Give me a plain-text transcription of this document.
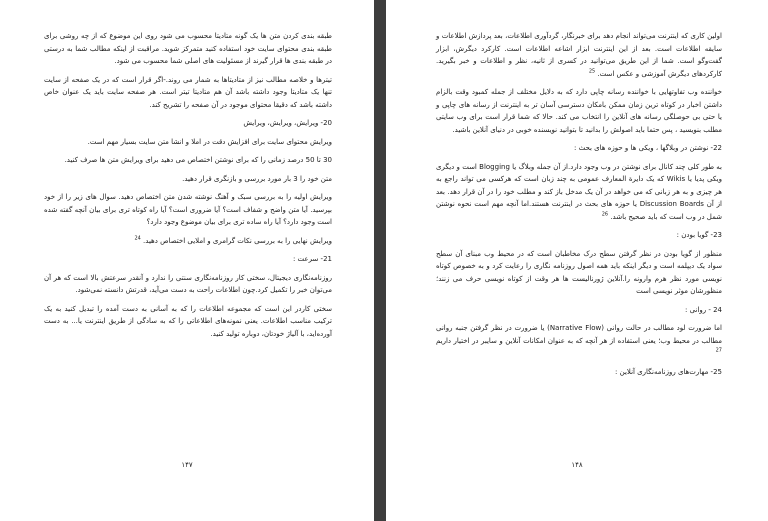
طبقه بندی کردن متن ها یک گونه متادیتا محسوب می شود روی این موضوع که از چه روشی برای طبقه بندی محتوای سایت خود استفاده کنید متمرکز شوید. مراقبت از اینکه مطالب شما به درستی در طبقه بندی ها قرار گیرند از مسئولیت های اصلی شما محسوب می شود.

تیترها و خلاصه مطالب نیز از متادیتاها به شمار می روند.-اگر قرار است که در یک صفحه از سایت تنها یک متادیتا وجود داشته باشد آن هم متادیتا تیتر است. هر صفحه سایت باید یک عنوان خاص داشته باشد که دقیقا محتوای موجود در آن صفحه را تشریح کند.

20- ویرایش، ویرایش، ویرایش

ویرایش محتوای سایت برای افزایش دقت در املا و انشا متن سایت بسیار مهم است.

30 تا 50 درصد زمانی را که برای نوشتن اختصاص می دهید برای ویرایش متن ها صرف کنید.

متن خود را 3 بار مورد بررسی و بازنگری قرار دهید.

ویرایش اولیه را به بررسی سبک و آهنگ نوشته شدن متن اختصاص دهید. سوال های زیر را از خود بپرسید. آیا متن واضح و شفاف است؟ آیا ضروری است؟ آیا راه کوتاه تری برای بیان آنچه گفته شده است وجود دارد؟ آیا راه ساده تری برای بیان موضوع وجود دارد؟

ویرایش نهایی را به بررسی نکات گرامری و املایی اختصاص دهید. $^{24}$

21- سرعت :

روزنامه‌نگاری دیجیتال، سختی کار روزنامه‌نگاری سنتی را ندارد و آنقدر سرعتش بالا است که هر آن می‌توان خبر را تکمیل کرد.چون اطلاعات راحت به دست می‌آید، قدرتش دانسته نمی‌شود.

سختی کاردر این است که مجموعه اطلاعات را که به آسانی به دست آمده را تبدیل کنید به یک ترکیب مناسب اطلاعات. یعنی نمونه‌های اطلاعاتی را که به سادگی از طریق اینترنت یا... به دست آورده‌اید، با آلیاژ خودتان، دوباره تولید کنید.

۱۴۷

اولین کاری که اینترنت می‌تواند انجام دهد برای خبرنگار، گردآوری اطلاعات، بعد پردازش اطلاعات و سایقه اطلاعات است. بعد از این اینترنت ابزار اشاعه اطلاعات است. کارکرد دیگرش، ابزار گفت‌وگو است. شما از این طریق می‌توانید در کسری از ثانیه، نظر و اطلاعات و خبر بگیرید. کارکردهای دیگرش آموزشی و عکس است. $^{25}$

خواننده وب تفاوتهایی با خواننده رسانه چاپی دارد که به دلایل مختلف از جمله کمبود وقت بالزام داشتن اخبار در کوتاه ترین زمان ممکن بامکان دسترسی آسان تر به اینترنت از رسانه های چاپی و یا حتی بی حوصلگی رسانه های آنلاین را انتخاب می کند. حالا که شما قرار است برای وب سایتی مطلب بنویسید ، پس حتما باید اصولش را بدانید تا بتوانید نویسنده خوبی در دنیای آنلاین باشید.

22- نوشتن در وبلاگها ، ویکی ها و حوزه های بحث :

به طور کلی چند کانال برای نوشتن در وب وجود دارد.از آن جمله وبلاگ یا Blogging است و دیگری ویکی پدیا یا Wikis که یک دایرة المعارف عمومی به چند زبان است که هرکسی می تواند راجع به هر چیزی و به هر زبانی که می خواهد در آن یک مدخل باز کند و مطلب خود را در آن قرار دهد. بعد از آن Discussion Boards یا حوزه های بحث در اینترنت هستند.اما آنچه مهم است نحوه نوشتن شمل در وب است که باید صحیح باشد. $^{26}$

23- گویا بودن :

منظور از گویا بودن در نظر گرفتن سطح درک مخاطبان است که در محیط وب مبنای آن سطح سواد یک دیپلمه است و دیگر اینکه باید همه اصول روزنامه نگاری را رعایت کرد و به خصوص کوتاه نویسی مورد نظر هرم وارونه را.آنلاین ژورنالیست ها هر وقت از کوتاه نویسی حرف می زنند؛منظورشان موثر نویسی است

24 - روانی :

اما ضرورت لود مطالب در حالت روانی (Narrative Flow) یا ضرورت در نظر گرفتن جنبه روانی مطالب در محیط وب؛ یعنی استفاده از هر آنچه که به عنوان امکانات آنلاین و سایبر در اختیار داریم $^{27}$

25- مهارت‌های روزنامه‌نگاری آنلاین :

۱۴۸
